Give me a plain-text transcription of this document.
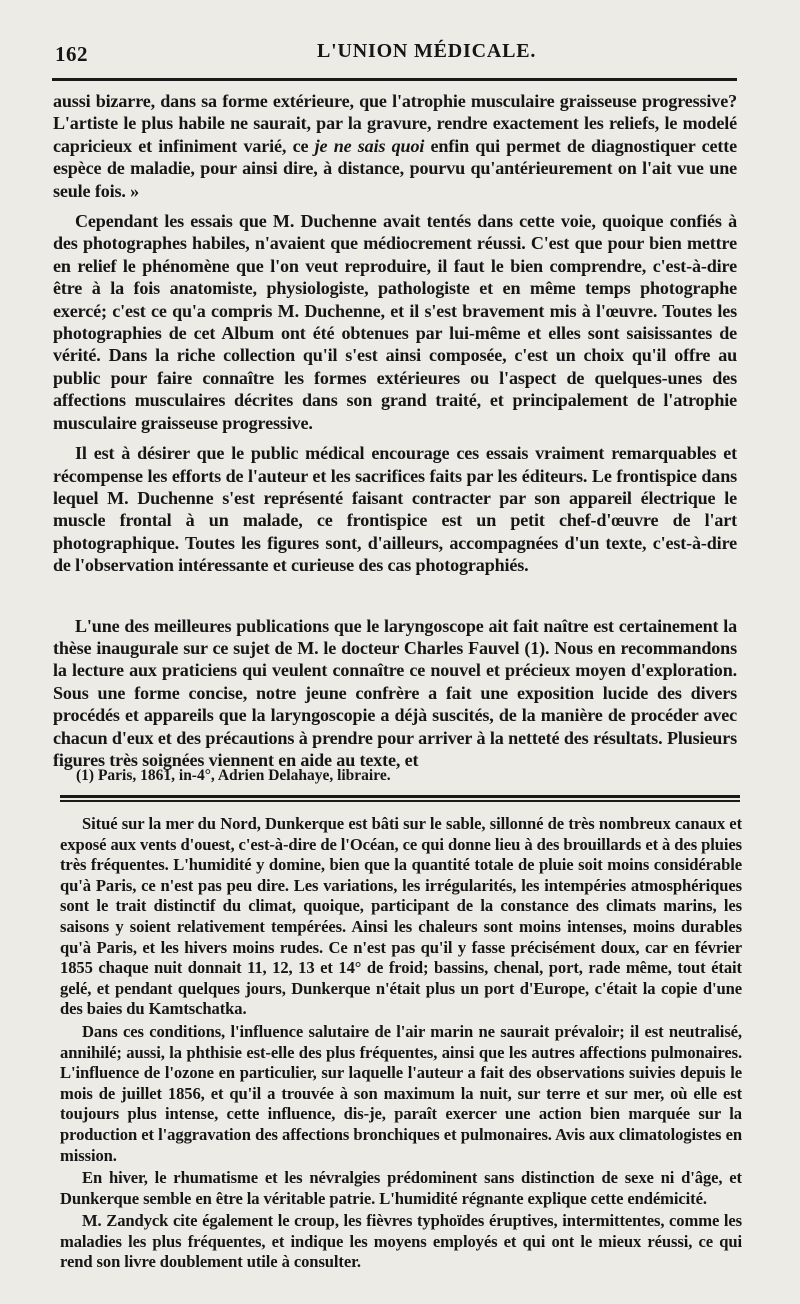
162	L'UNION MÉDICALE.

aussi bizarre, dans sa forme extérieure, que l'atrophie musculaire graisseuse progressive? L'artiste le plus habile ne saurait, par la gravure, rendre exactement les reliefs, le modelé capricieux et infiniment varié, ce je ne sais quoi enfin qui permet de diagnostiquer cette espèce de maladie, pour ainsi dire, à distance, pourvu qu'antérieurement on l'ait vue une seule fois. »

Cependant les essais que M. Duchenne avait tentés dans cette voie, quoique confiés à des photographes habiles, n'avaient que médiocrement réussi. C'est que pour bien mettre en relief le phénomène que l'on veut reproduire, il faut le bien comprendre, c'est-à-dire être à la fois anatomiste, physiologiste, pathologiste et en même temps photographe exercé; c'est ce qu'a compris M. Duchenne, et il s'est bravement mis à l'œuvre. Toutes les photographies de cet Album ont été obtenues par lui-même et elles sont saisissantes de vérité. Dans la riche collection qu'il s'est ainsi composée, c'est un choix qu'il offre au public pour faire connaître les formes extérieures ou l'aspect de quelques-unes des affections musculaires décrites dans son grand traité, et principalement de l'atrophie musculaire graisseuse progressive.

Il est à désirer que le public médical encourage ces essais vraiment remarquables et récompense les efforts de l'auteur et les sacrifices faits par les éditeurs. Le frontispice dans lequel M. Duchenne s'est représenté faisant contracter par son appareil électrique le muscle frontal à un malade, ce frontispice est un petit chef-d'œuvre de l'art photographique. Toutes les figures sont, d'ailleurs, accompagnées d'un texte, c'est-à-dire de l'observation intéressante et curieuse des cas photographiés.

L'une des meilleures publications que le laryngoscope ait fait naître est certainement la thèse inaugurale sur ce sujet de M. le docteur Charles Fauvel (1). Nous en recommandons la lecture aux praticiens qui veulent connaître ce nouvel et précieux moyen d'exploration. Sous une forme concise, notre jeune confrère a fait une exposition lucide des divers procédés et appareils que la laryngoscopie a déjà suscités, de la manière de procéder avec chacun d'eux et des précautions à prendre pour arriver à la netteté des résultats. Plusieurs figures très soignées viennent en aide au texte, et

(1) Paris, 1861, in-4°, Adrien Delahaye, libraire.

Situé sur la mer du Nord, Dunkerque est bâti sur le sable, sillonné de très nombreux canaux et exposé aux vents d'ouest, c'est-à-dire de l'Océan, ce qui donne lieu à des brouillards et à des pluies très fréquentes. L'humidité y domine, bien que la quantité totale de pluie soit moins considérable qu'à Paris, ce n'est pas peu dire. Les variations, les irrégularités, les intempéries atmosphériques sont le trait distinctif du climat, quoique, participant de la constance des climats marins, les saisons y soient relativement tempérées. Ainsi les chaleurs sont moins intenses, moins durables qu'à Paris, et les hivers moins rudes. Ce n'est pas qu'il y fasse précisément doux, car en février 1855 chaque nuit donnait 11, 12, 13 et 14° de froid; bassins, chenal, port, rade même, tout était gelé, et pendant quelques jours, Dunkerque n'était plus un port d'Europe, c'était la copie d'une des baies du Kamtschatka.

Dans ces conditions, l'influence salutaire de l'air marin ne saurait prévaloir; il est neutralisé, annihilé; aussi, la phthisie est-elle des plus fréquentes, ainsi que les autres affections pulmonaires. L'influence de l'ozone en particulier, sur laquelle l'auteur a fait des observations suivies depuis le mois de juillet 1856, et qu'il a trouvée à son maximum la nuit, sur terre et sur mer, où elle est toujours plus intense, cette influence, dis-je, paraît exercer une action bien marquée sur la production et l'aggravation des affections bronchiques et pulmonaires. Avis aux climatologistes en mission.

En hiver, le rhumatisme et les névralgies prédominent sans distinction de sexe ni d'âge, et Dunkerque semble en être la véritable patrie. L'humidité régnante explique cette endémicité.

M. Zandyck cite également le croup, les fièvres typhoïdes éruptives, intermittentes, comme les maladies les plus fréquentes, et indique les moyens employés et qui ont le mieux réussi, ce qui rend son livre doublement utile à consulter.
